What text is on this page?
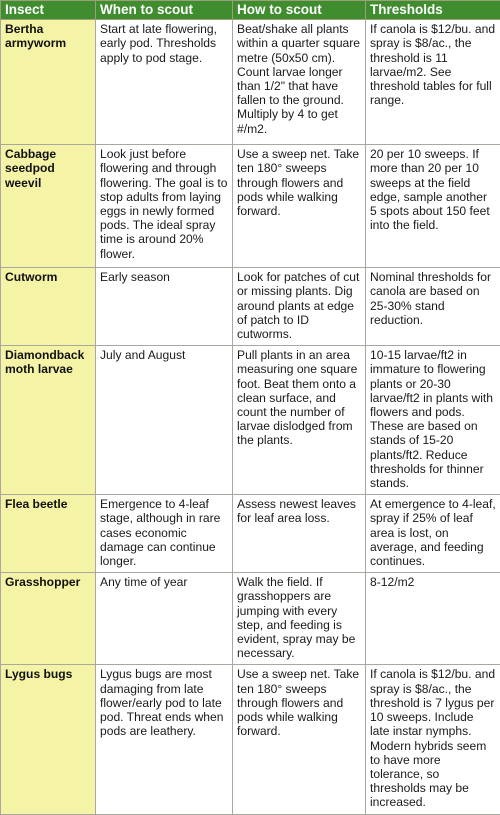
Insect	When to scout	How to scout	Thresholds
Bertha armyworm	Start at late flowering, early pod. Thresholds apply to pod stage.	Beat/shake all plants within a quarter square metre (50x50 cm). Count larvae longer than 1/2" that have fallen to the ground. Multiply by 4 to get #/m2.	If canola is $12/bu. and spray is $8/ac., the threshold is 11 larvae/m2. See threshold tables for full range.
Cabbage seedpod weevil	Look just before flowering and through flowering. The goal is to stop adults from laying eggs in newly formed pods. The ideal spray time is around 20% flower.	Use a sweep net. Take ten 180° sweeps through flowers and pods while walking forward.	20 per 10 sweeps. If more than 20 per 10 sweeps at the field edge, sample another 5 spots about 150 feet into the field.
Cutworm	Early season	Look for patches of cut or missing plants. Dig around plants at edge of patch to ID cutworms.	Nominal thresholds for canola are based on 25-30% stand reduction.
Diamondback moth larvae	July and August	Pull plants in an area measuring one square foot. Beat them onto a clean surface, and count the number of larvae dislodged from the plants.	10-15 larvae/ft2 in immature to flowering plants or 20-30 larvae/ft2 in plants with flowers and pods. These are based on stands of 15-20 plants/ft2. Reduce thresholds for thinner stands.
Flea beetle	Emergence to 4-leaf stage, although in rare cases economic damage can continue longer.	Assess newest leaves for leaf area loss.	At emergence to 4-leaf, spray if 25% of leaf area is lost, on average, and feeding continues.
Grasshopper	Any time of year	Walk the field. If grasshoppers are jumping with every step, and feeding is evident, spray may be necessary.	8-12/m2
Lygus bugs	Lygus bugs are most damaging from late flower/early pod to late pod. Threat ends when pods are leathery.	Use a sweep net. Take ten 180° sweeps through flowers and pods while walking forward.	If canola is $12/bu. and spray is $8/ac., the threshold is 7 lygus per 10 sweeps. Include late instar nymphs. Modern hybrids seem to have more tolerance, so thresholds may be increased.
